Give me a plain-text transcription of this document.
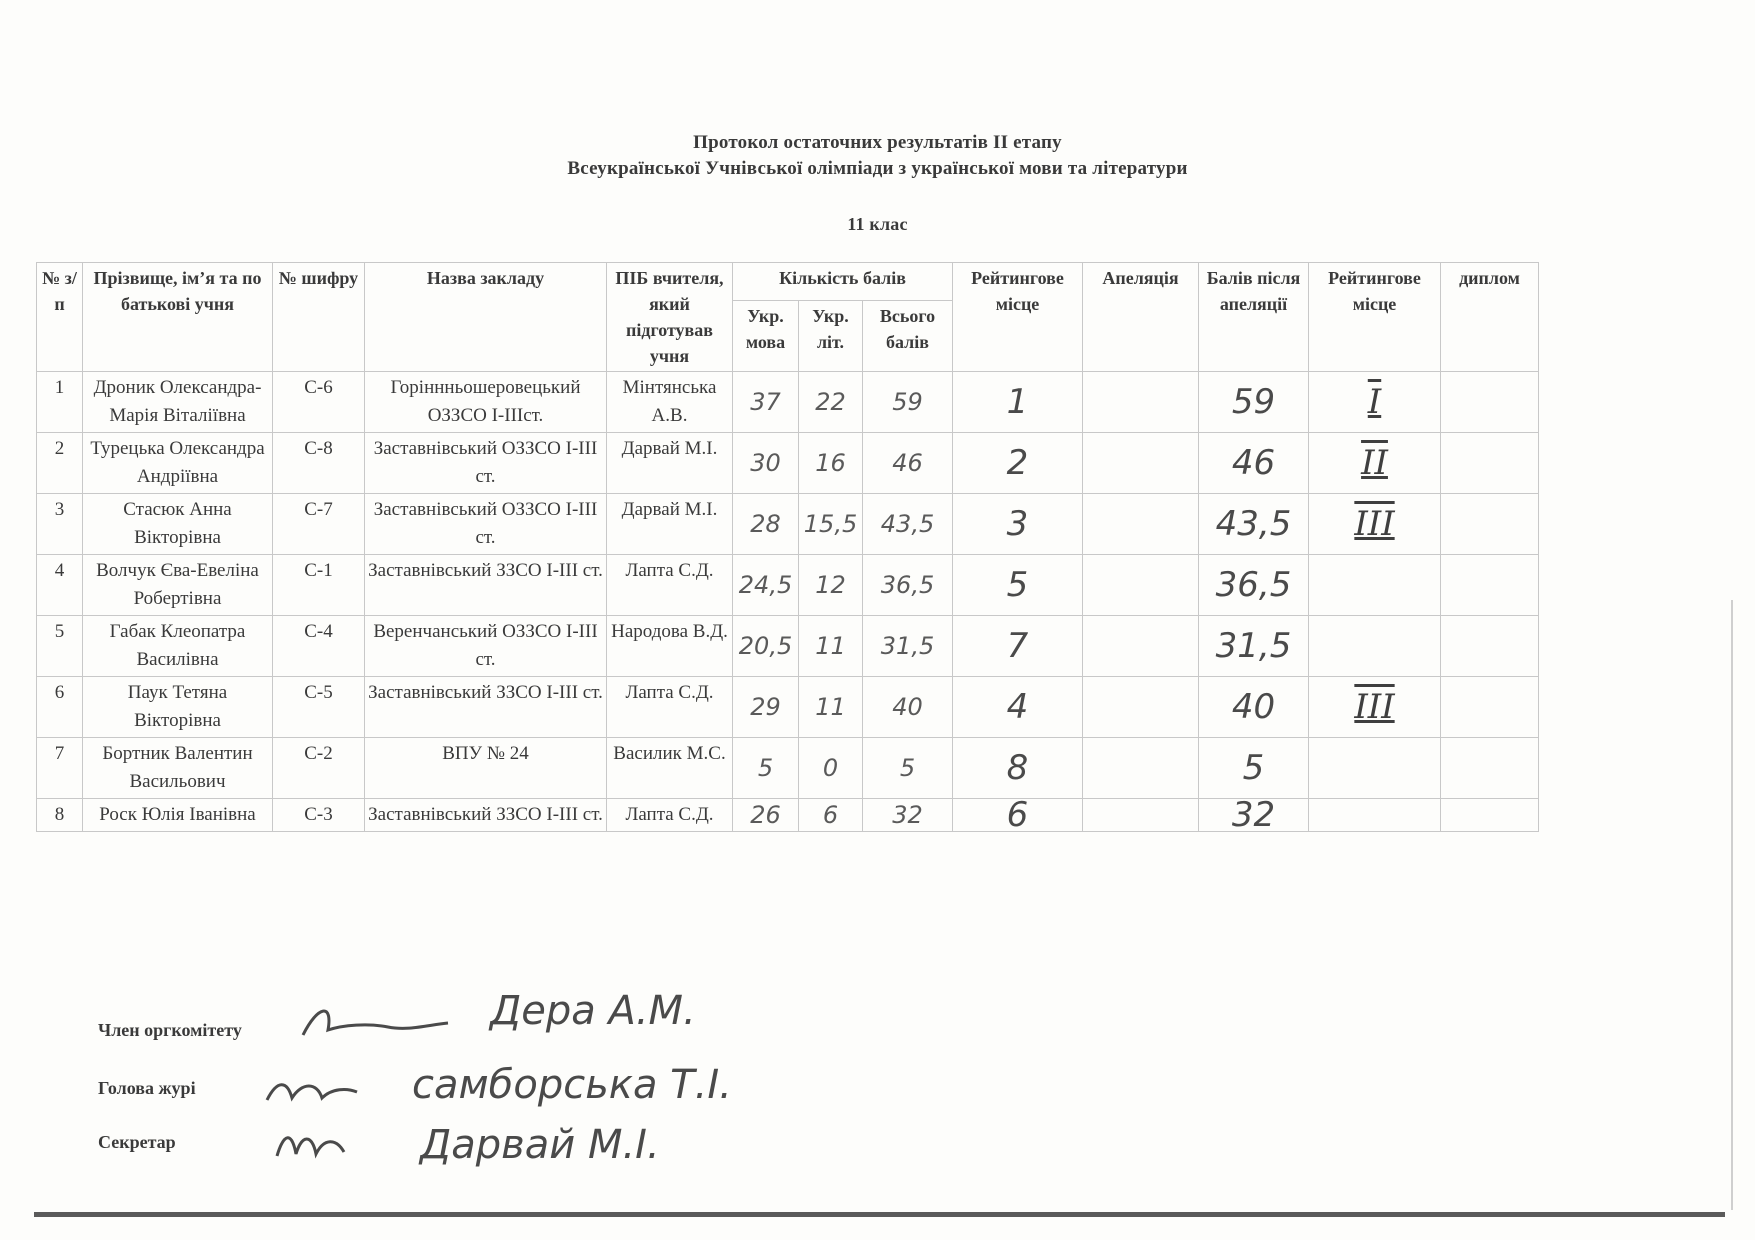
Протокол остаточних результатів ІІ етапу
Всеукраїнської Учнівської олімпіади з української мови та літератури
11 клас
№ з/п	Прізвище, ім’я та по батькові учня	№ шифру	Назва закладу	ПІБ вчителя, який підготував учня	Кількість балів			Рейтингове місце	Апеляція	Балів після апеляції	Рейтингове місце	диплом
					Укр. мова	Укр. літ.	Всього балів					
1	Дроник Олександра-Марія Віталіївна	С-6	Горіннньошеровецький ОЗЗСО І-ІІІст.	Мінтянська А.В.	37	22	59	1		59	І	
2	Турецька Олександра Андріївна	С-8	Заставнівський ОЗЗСО І-ІІІ ст.	Дарвай М.І.	30	16	46	2		46	ІІ	
3	Стасюк Анна Вікторівна	С-7	Заставнівський ОЗЗСО І-ІІІ ст.	Дарвай М.І.	28	15,5	43,5	3		43,5	ІІІ	
4	Волчук Єва-Евеліна Робертівна	С-1	Заставнівський ЗЗСО І-ІІІ ст.	Лапта С.Д.	24,5	12	36,5	5		36,5		
5	Габак Клеопатра Василівна	С-4	Веренчанський ОЗЗСО І-ІІІ ст.	Народова В.Д.	20,5	11	31,5	7		31,5		
6	Паук Тетяна Вікторівна	С-5	Заставнівський ЗЗСО І-ІІІ ст.	Лапта С.Д.	29	11	40	4		40	ІІІ	
7	Бортник Валентин Васильович	С-2	ВПУ № 24	Василик М.С.	5	0	5	8		5		
8	Роск Юлія Іванівна	С-3	Заставнівський ЗЗСО І-ІІІ ст.	Лапта С.Д.	26	6	32	6		32		
Член оргкомітету	Дера А.М.
Голова журі	самборська Т.І.
Секретар	Дарвай М.І.
